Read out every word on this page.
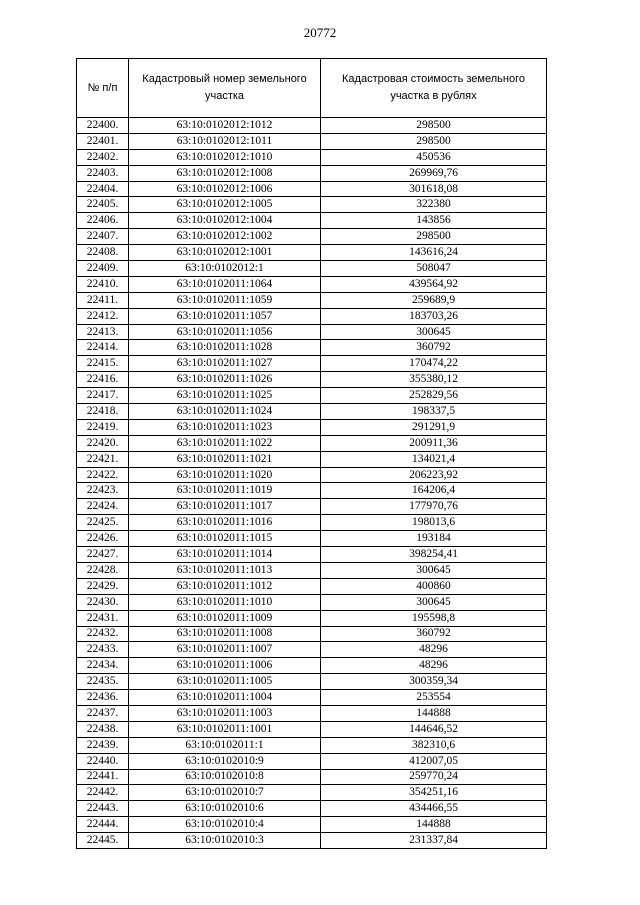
20772
№ п/п	Кадастровый номер земельного участка	Кадастровая стоимость земельного участка в рублях
22400.	63:10:0102012:1012	298500
22401.	63:10:0102012:1011	298500
22402.	63:10:0102012:1010	450536
22403.	63:10:0102012:1008	269969,76
22404.	63:10:0102012:1006	301618,08
22405.	63:10:0102012:1005	322380
22406.	63:10:0102012:1004	143856
22407.	63:10:0102012:1002	298500
22408.	63:10:0102012:1001	143616,24
22409.	63:10:0102012:1	508047
22410.	63:10:0102011:1064	439564,92
22411.	63:10:0102011:1059	259689,9
22412.	63:10:0102011:1057	183703,26
22413.	63:10:0102011:1056	300645
22414.	63:10:0102011:1028	360792
22415.	63:10:0102011:1027	170474,22
22416.	63:10:0102011:1026	355380,12
22417.	63:10:0102011:1025	252829,56
22418.	63:10:0102011:1024	198337,5
22419.	63:10:0102011:1023	291291,9
22420.	63:10:0102011:1022	200911,36
22421.	63:10:0102011:1021	134021,4
22422.	63:10:0102011:1020	206223,92
22423.	63:10:0102011:1019	164206,4
22424.	63:10:0102011:1017	177970,76
22425.	63:10:0102011:1016	198013,6
22426.	63:10:0102011:1015	193184
22427.	63:10:0102011:1014	398254,41
22428.	63:10:0102011:1013	300645
22429.	63:10:0102011:1012	400860
22430.	63:10:0102011:1010	300645
22431.	63:10:0102011:1009	195598,8
22432.	63:10:0102011:1008	360792
22433.	63:10:0102011:1007	48296
22434.	63:10:0102011:1006	48296
22435.	63:10:0102011:1005	300359,34
22436.	63:10:0102011:1004	253554
22437.	63:10:0102011:1003	144888
22438.	63:10:0102011:1001	144646,52
22439.	63:10:0102011:1	382310,6
22440.	63:10:0102010:9	412007,05
22441.	63:10:0102010:8	259770,24
22442.	63:10:0102010:7	354251,16
22443.	63:10:0102010:6	434466,55
22444.	63:10:0102010:4	144888
22445.	63:10:0102010:3	231337,84
